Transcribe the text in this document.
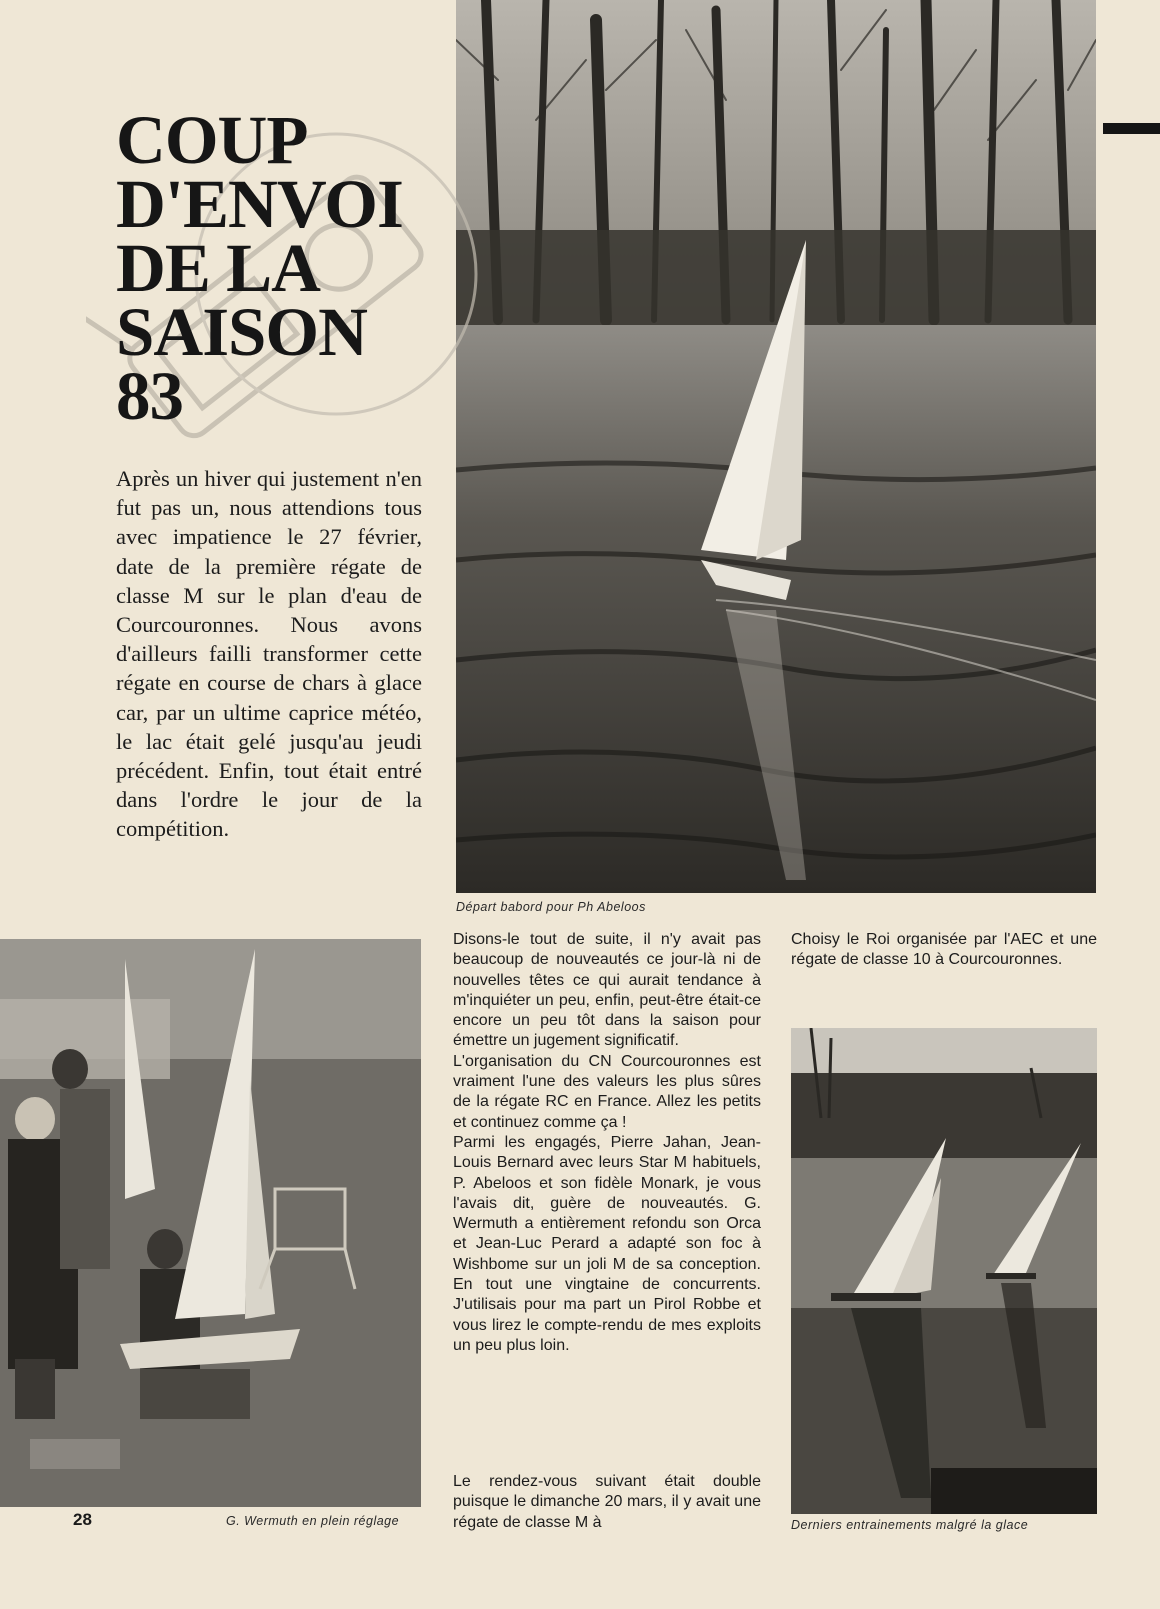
COUP
D'ENVOI
DE LA
SAISON
83
Après un hiver qui justement n'en fut pas un, nous attendions tous avec impatience le 27 février, date de la première régate de classe M sur le plan d'eau de Courcouronnes. Nous avons d'ailleurs failli transformer cette régate en course de chars à glace car, par un ultime caprice météo, le lac était gelé jusqu'au jeudi précédent. Enfin, tout était entré dans l'ordre le jour de la compétition.
Départ babord pour Ph Abeloos
G. Wermuth en plein réglage	Derniers entrainements malgré la glace

Disons-le tout de suite, il n'y avait pas beaucoup de nouveautés ce jour-là ni de nouvelles têtes ce qui aurait tendance à m'inquiéter un peu, enfin, peut-être était-ce encore un peu tôt dans la saison pour émettre un jugement significatif.

L'organisation du CN Courcouronnes est vraiment l'une des valeurs les plus sûres de la régate RC en France. Allez les petits et continuez comme ça !

Parmi les engagés, Pierre Jahan, Jean-Louis Bernard avec leurs Star M habituels, P. Abeloos et son fidèle Monark, je vous l'avais dit, guère de nouveautés. G. Wermuth a entièrement refondu son Orca et Jean-Luc Perard a adapté son foc à Wishbome sur un joli M de sa conception. En tout une vingtaine de concurrents. J'utilisais pour ma part un Pirol Robbe et vous lirez le compte-rendu de mes exploits un peu plus loin.

Le rendez-vous suivant était double puisque le dimanche 20 mars, il y avait une régate de classe M à

Choisy le Roi organisée par l'AEC et une régate de classe 10 à Courcouronnes.

28
